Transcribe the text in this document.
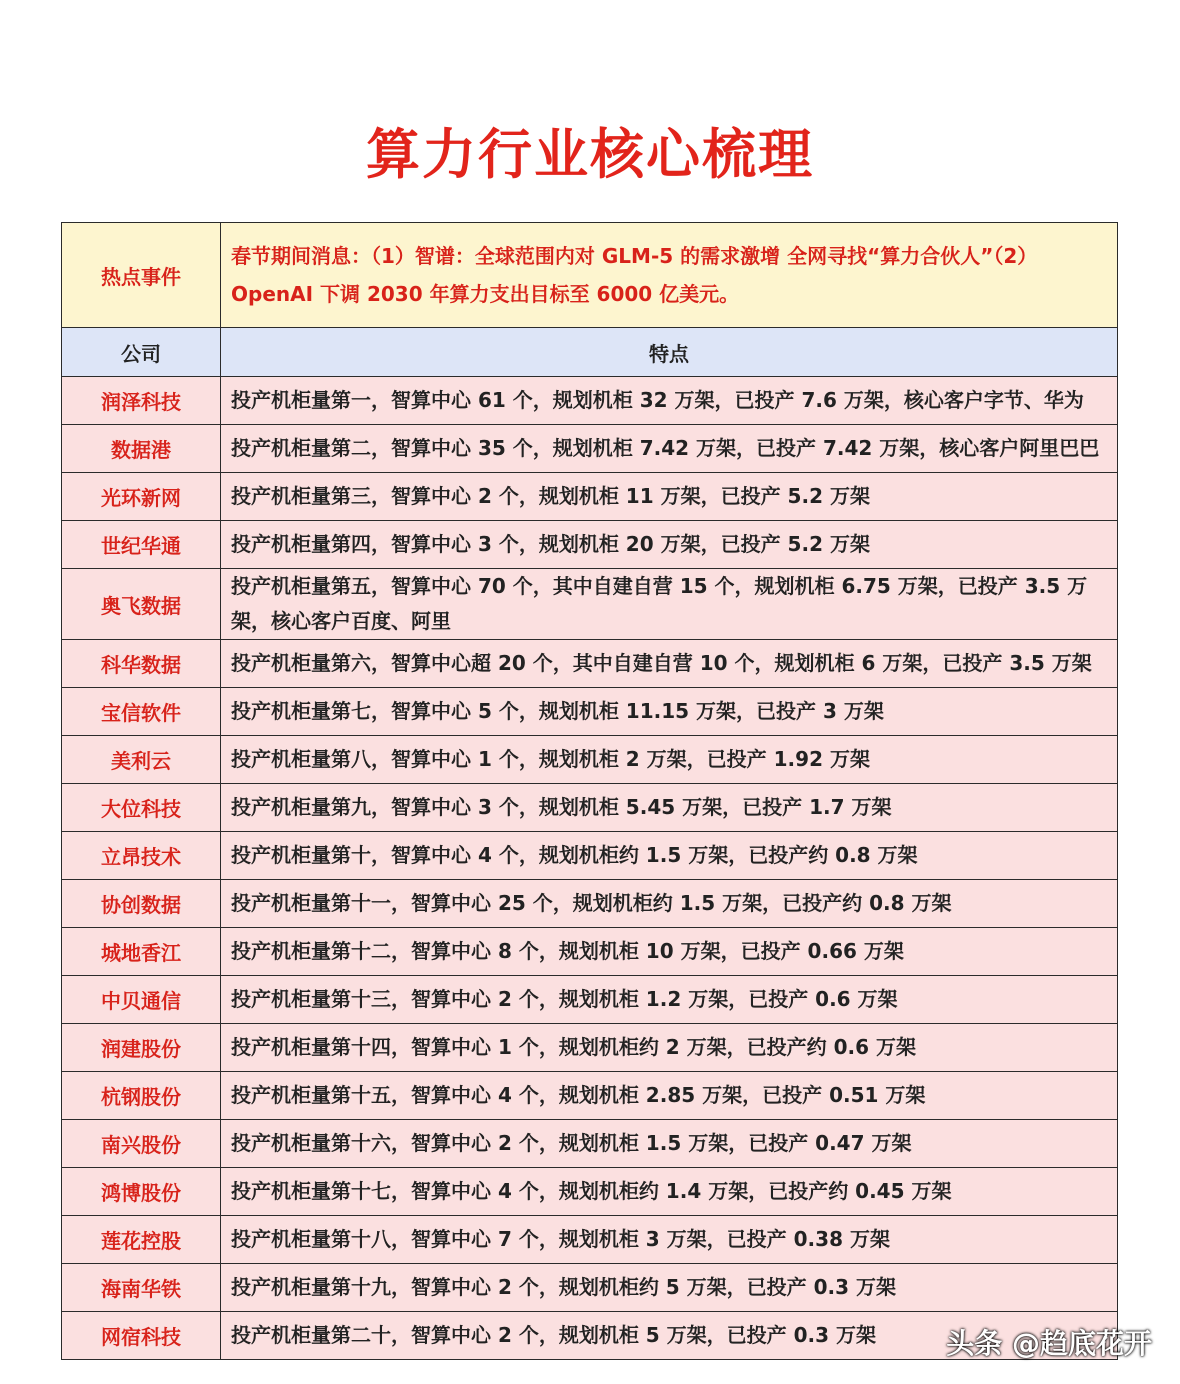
算力行业核心梳理
热点事件	春节期间消息：（1）智谱：全球范围内对 GLM-5 的需求激增 全网寻找“算力合伙人”（2）OpenAI 下调 2030 年算力支出目标至 6000 亿美元。
公司	特点
润泽科技	投产机柜量第一，智算中心 61 个，规划机柜 32 万架，已投产 7.6 万架，核心客户字节、华为
数据港	投产机柜量第二，智算中心 35 个，规划机柜 7.42 万架，已投产 7.42 万架，核心客户阿里巴巴
光环新网	投产机柜量第三，智算中心 2 个，规划机柜 11 万架，已投产 5.2 万架
世纪华通	投产机柜量第四，智算中心 3 个，规划机柜 20 万架，已投产 5.2 万架
奥飞数据	投产机柜量第五，智算中心 70 个，其中自建自营 15 个，规划机柜 6.75 万架，已投产 3.5 万架，核心客户百度、阿里
科华数据	投产机柜量第六，智算中心超 20 个，其中自建自营 10 个，规划机柜 6 万架，已投产 3.5 万架
宝信软件	投产机柜量第七，智算中心 5 个，规划机柜 11.15 万架，已投产 3 万架
美利云	投产机柜量第八，智算中心 1 个，规划机柜 2 万架，已投产 1.92 万架
大位科技	投产机柜量第九，智算中心 3 个，规划机柜 5.45 万架，已投产 1.7 万架
立昂技术	投产机柜量第十，智算中心 4 个，规划机柜约 1.5 万架，已投产约 0.8 万架
协创数据	投产机柜量第十一，智算中心 25 个，规划机柜约 1.5 万架，已投产约 0.8 万架
城地香江	投产机柜量第十二，智算中心 8 个，规划机柜 10 万架，已投产 0.66 万架
中贝通信	投产机柜量第十三，智算中心 2 个，规划机柜 1.2 万架，已投产 0.6 万架
润建股份	投产机柜量第十四，智算中心 1 个，规划机柜约 2 万架，已投产约 0.6 万架
杭钢股份	投产机柜量第十五，智算中心 4 个，规划机柜 2.85 万架，已投产 0.51 万架
南兴股份	投产机柜量第十六，智算中心 2 个，规划机柜 1.5 万架，已投产 0.47 万架
鸿博股份	投产机柜量第十七，智算中心 4 个，规划机柜约 1.4 万架，已投产约 0.45 万架
莲花控股	投产机柜量第十八，智算中心 7 个，规划机柜 3 万架，已投产 0.38 万架
海南华铁	投产机柜量第十九，智算中心 2 个，规划机柜约 5 万架，已投产 0.3 万架
网宿科技	投产机柜量第二十，智算中心 2 个，规划机柜 5 万架，已投产 0.3 万架	头条 @趋底花开
